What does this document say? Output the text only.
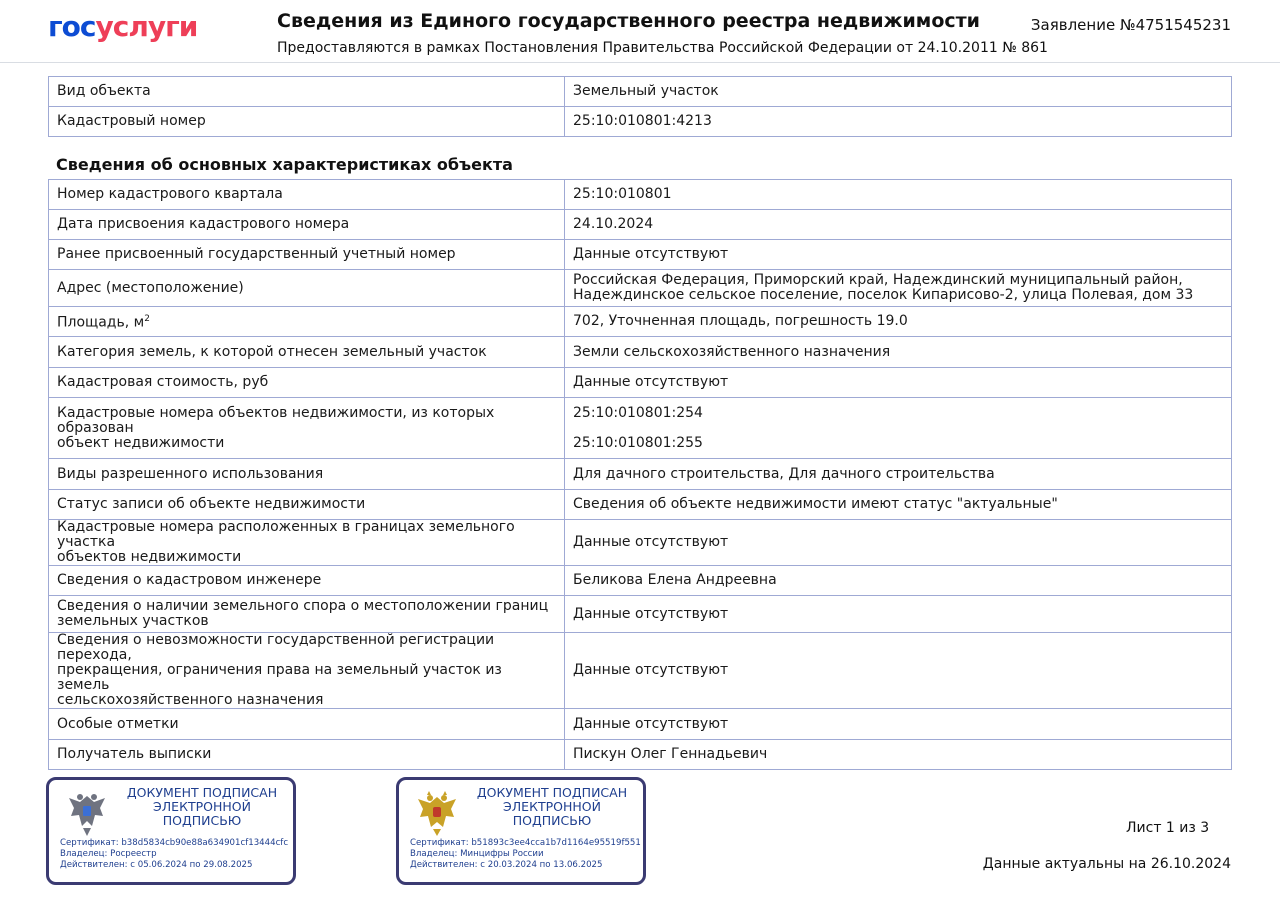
госуслуги	Сведения из Единого государственного реестра недвижимости
Предоставляются в рамках Постановления Правительства Российской Федерации от 24.10.2011 № 861
Заявление №4751545231
Вид объекта	Земельный участок
Кадастровый номер	25:10:010801:4213
Сведения об основных характеристиках объекта
Номер кадастрового квартала	25:10:010801
Дата присвоения кадастрового номера	24.10.2024
Ранее присвоенный государственный учетный номер	Данные отсутствуют
Адрес (местоположение)	Российская Федерация, Приморский край, Надеждинский муниципальный район,
Надеждинское сельское поселение, поселок Кипарисово-2, улица Полевая, дом 33

Площадь, $м^2$	702, Уточненная площадь, погрешность 19.0
Категория земель, к которой отнесен земельный участок	Земли сельскохозяйственного назначения
Кадастровая стоимость, руб	Данные отсутствуют

Кадастровые номера объектов недвижимости, из которых образован
объект недвижимости	25:10:010801:254
25:10:010801:255

Виды разрешенного использования	Для дачного строительства, Для дачного строительства
Статус записи об объекте недвижимости	Сведения об объекте недвижимости имеют статус "актуальные"

Кадастровые номера расположенных в границах земельного участка
объектов недвижимости	Данные отсутствуют
Сведения о кадастровом инженере	Беликова Елена Андреевна

Сведения о наличии земельного спора о местоположении границ
земельных участков	Данные отсутствуют

Сведения о невозможности государственной регистрации перехода,
прекращения, ограничения права на земельный участок из земель
сельскохозяйственного назначения	Данные отсутствуют
Особые отметки	Данные отсутствуют
Получатель выписки	Пискун Олег Геннадьевич
ДОКУМЕНТ ПОДПИСАН
ЭЛЕКТРОННОЙ
ПОДПИСЬЮ
Сертификат: b38d5834cb90e88a634901cf13444cfc
Владелец: Росреестр
Действителен: с 05.06.2024 по 29.08.2025
ДОКУМЕНТ ПОДПИСАН
ЭЛЕКТРОННОЙ
ПОДПИСЬЮ
Сертификат: b51893c3ee4cca1b7d1164e95519f551
Владелец: Минцифры России
Действителен: с 20.03.2024 по 13.06.2025
Лист 1 из 3
Данные актуальны на 26.10.2024
